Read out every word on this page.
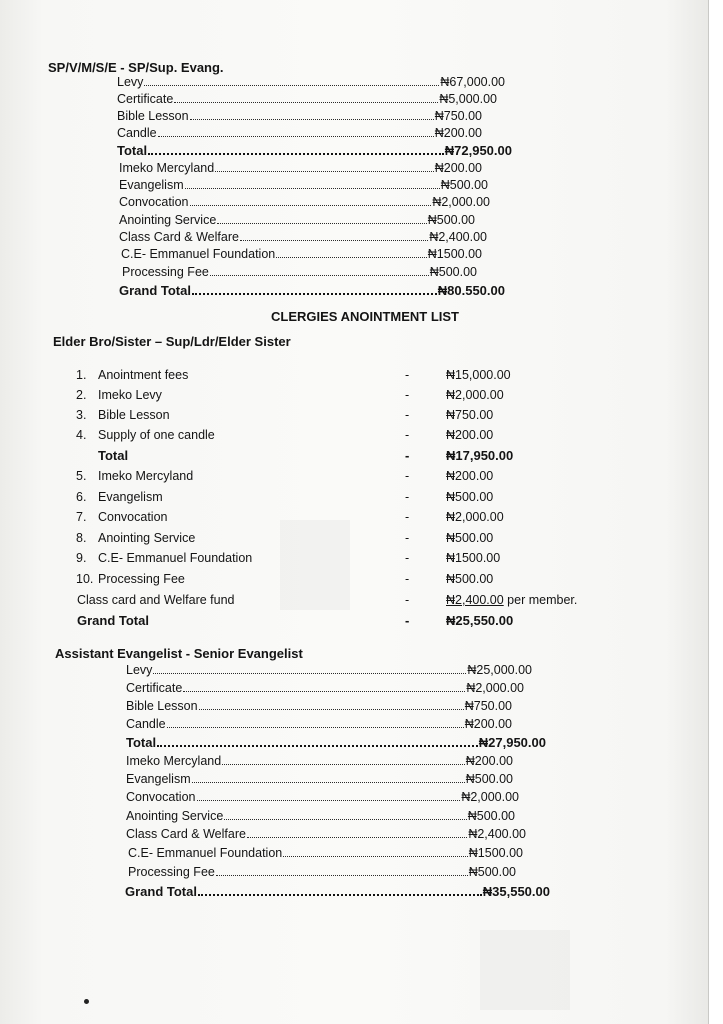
SP/V/M/S/E - SP/Sup. Evang.
Levy	₦67,000.00
Certificate	₦5,000.00
Bible Lesson	₦750.00
Candle	₦200.00
Total	₦72,950.00
Imeko Mercyland	₦200.00
Evangelism	₦500.00
Convocation	₦2,000.00
Anointing Service	₦500.00
Class Card & Welfare	₦2,400.00
C.E- Emmanuel Foundation	₦1500.00
Processing Fee	₦500.00
Grand Total	₦80.550.00
CLERGIES ANOINTMENT LIST
Elder Bro/Sister – Sup/Ldr/Elder Sister
1. Anointment fees	-	₦15,000.00
2. Imeko Levy	-	₦2,000.00
3. Bible Lesson	-	₦750.00
4. Supply of one candle	-	₦200.00
Total	-	₦17,950.00
5. Imeko Mercyland	-	₦200.00
6. Evangelism	-	₦500.00
7. Convocation	-	₦2,000.00
8. Anointing Service	-	₦500.00
9. C.E- Emmanuel Foundation	-	₦1500.00
10. Processing Fee	-	₦500.00
Class card and Welfare fund	-	₦2,400.00 per member.
Grand Total	-	₦25,550.00
Assistant Evangelist - Senior Evangelist
Levy	₦25,000.00
Certificate	₦2,000.00
Bible Lesson	₦750.00
Candle	₦200.00
Total	₦27,950.00
Imeko Mercyland	₦200.00
Evangelism	₦500.00
Convocation	₦2,000.00
Anointing Service	₦500.00
Class Card & Welfare	₦2,400.00
C.E- Emmanuel Foundation	₦1500.00
Processing Fee	₦500.00
Grand Total	₦35,550.00
